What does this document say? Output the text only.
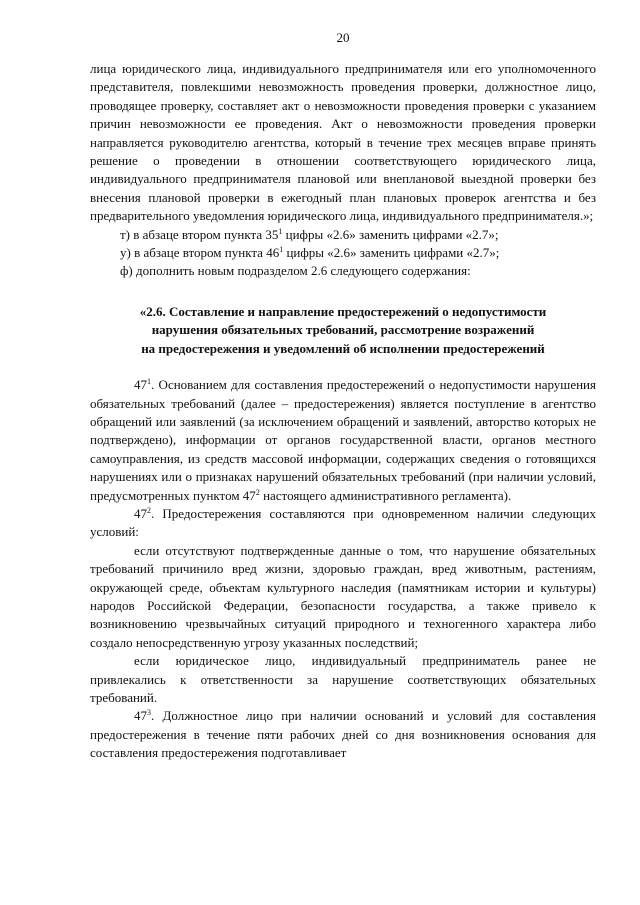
20

лица юридического лица, индивидуального предпринимателя или его уполномоченного представителя, повлекшими невозможность проведения проверки, должностное лицо, проводящее проверку, составляет акт о невозможности проведения проверки с указанием причин невозможности ее проведения. Акт о невозможности проведения проверки направляется руководителю агентства, который в течение трех месяцев вправе принять решение о проведении в отношении соответствующего юридического лица, индивидуального предпринимателя плановой или внеплановой выездной проверки без внесения плановой проверки в ежегодный план плановых проверок агентства и без предварительного уведомления юридического лица, индивидуального предпринимателя.»;

т) в абзаце втором пункта $35^1$ цифры «2.6» заменить цифрами «2.7»;

у) в абзаце втором пункта $46^1$ цифры «2.6» заменить цифрами «2.7»;

ф) дополнить новым подразделом 2.6 следующего содержания:

«2.6. Составление и направление предостережений о недопустимости
нарушения обязательных требований, рассмотрение возражений
на предостережения и уведомлений об исполнении предостережений

$47^1$. Основанием для составления предостережений о недопустимости нарушения обязательных требований (далее – предостережения) является поступление в агентство обращений или заявлений (за исключением обращений и заявлений, авторство которых не подтверждено), информации от органов государственной власти, органов местного самоуправления, из средств массовой информации, содержащих сведения о готовящихся нарушениях или о признаках нарушений обязательных требований (при наличии условий, предусмотренных пунктом $47^2$ настоящего административного регламента).

$47^2$. Предостережения составляются при одновременном наличии следующих условий:

если отсутствуют подтвержденные данные о том, что нарушение обязательных требований причинило вред жизни, здоровью граждан, вред животным, растениям, окружающей среде, объектам культурного наследия (памятникам истории и культуры) народов Российской Федерации, безопасности государства, а также привело к возникновению чрезвычайных ситуаций природного и техногенного характера либо создало непосредственную угрозу указанных последствий;

если юридическое лицо, индивидуальный предприниматель ранее не привлекались к ответственности за нарушение соответствующих обязательных требований.

$47^3$. Должностное лицо при наличии оснований и условий для составления предостережения в течение пяти рабочих дней со дня возникновения основания для составления предостережения подготавливает
